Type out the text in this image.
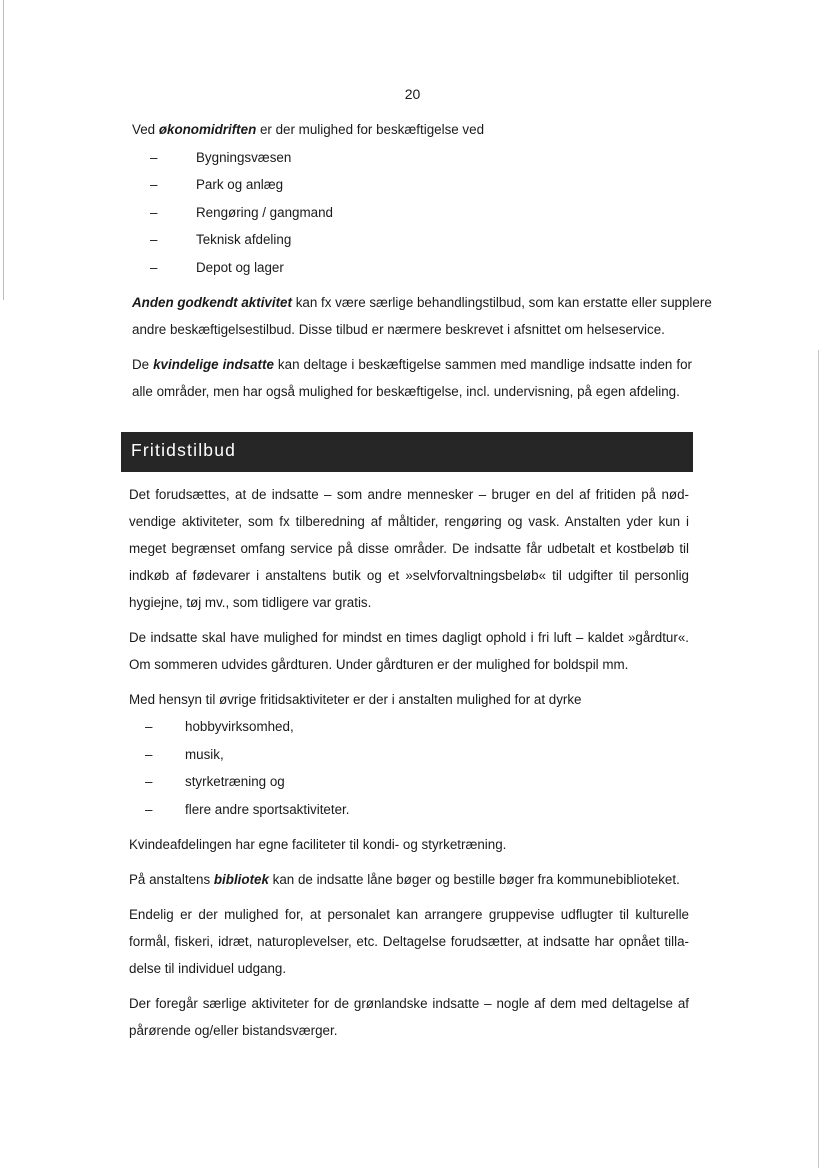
20

Ved økonomidriften er der mulighed for beskæftigelse ved

–	Bygningsvæsen
–	Park og anlæg
–	Rengøring / gangmand
–	Teknisk afdeling
–	Depot og lager

Anden godkendt aktivitet kan fx være særlige behandlingstilbud, som kan erstatte eller supplere

andre beskæftigelsestilbud. Disse tilbud er nærmere beskrevet i afsnittet om helseservice.

De kvindelige indsatte kan deltage i beskæftigelse sammen med mandlige indsatte inden for

alle områder, men har også mulighed for beskæftigelse, incl. undervisning, på egen afdeling.

Fritidstilbud

Det forudsættes, at de indsatte – som andre mennesker – bruger en del af fritiden på nød-

vendige aktiviteter, som fx tilberedning af måltider, rengøring og vask. Anstalten yder kun i

meget begrænset omfang service på disse områder. De indsatte får udbetalt et kostbeløb til

indkøb af fødevarer i anstaltens butik og et »selvforvaltningsbeløb« til udgifter til personlig

hygiejne, tøj mv., som tidligere var gratis.

De indsatte skal have mulighed for mindst en times dagligt ophold i fri luft – kaldet »gårdtur«.

Om sommeren udvides gårdturen. Under gårdturen er der mulighed for boldspil mm.

Med hensyn til øvrige fritidsaktiviteter er der i anstalten mulighed for at dyrke

– hobbyvirksomhed,
– musik,
– styrketræning og
– flere andre sportsaktiviteter.

Kvindeafdelingen har egne faciliteter til kondi- og styrketræning.

På anstaltens bibliotek kan de indsatte låne bøger og bestille bøger fra kommunebiblioteket.

Endelig er der mulighed for, at personalet kan arrangere gruppevise udflugter til kulturelle

formål, fiskeri, idræt, naturoplevelser, etc. Deltagelse forudsætter, at indsatte har opnået tilla-

delse til individuel udgang.

Der foregår særlige aktiviteter for de grønlandske indsatte – nogle af dem med deltagelse af

pårørende og/eller bistandsværger.
